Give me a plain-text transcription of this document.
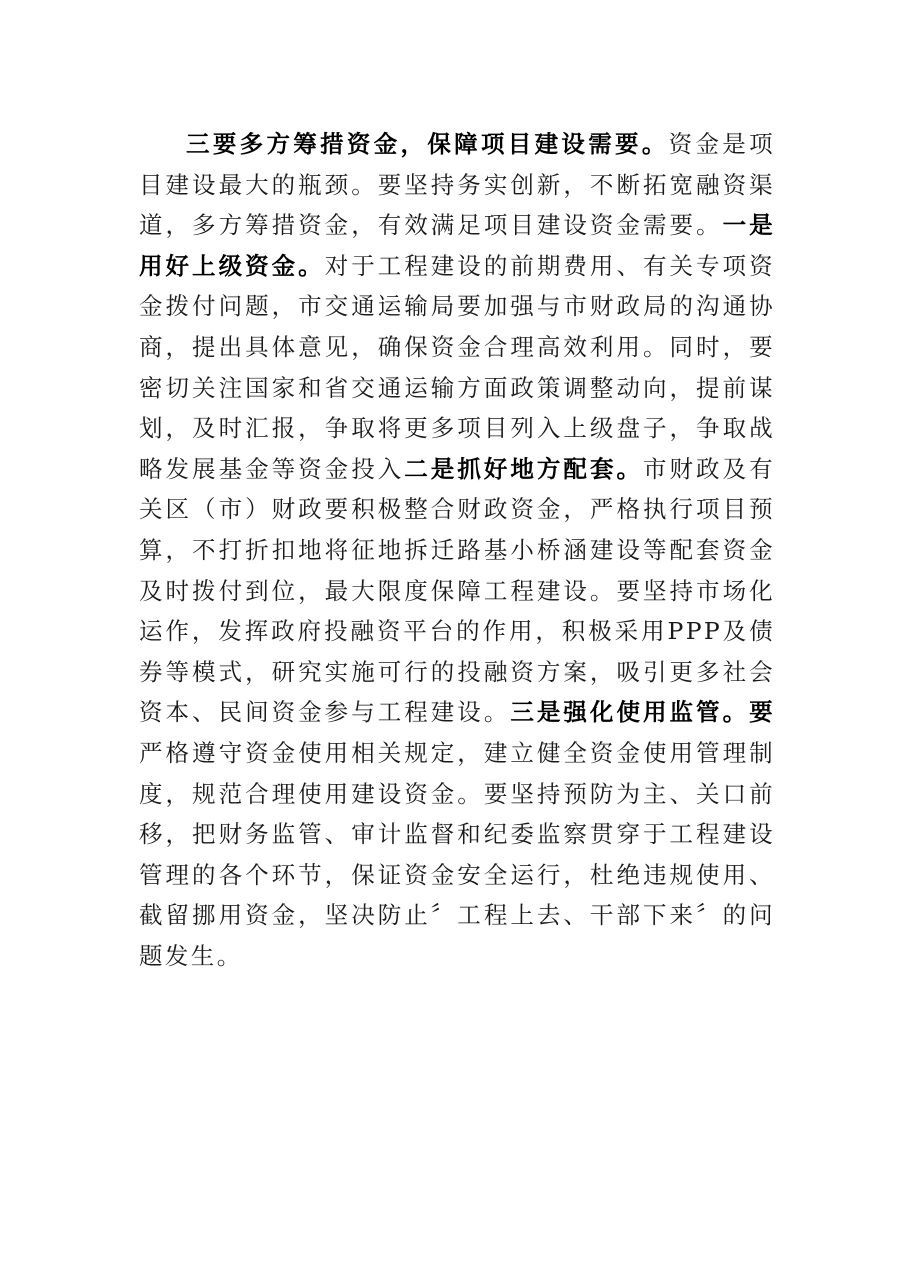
三要多方筹措资金，保障项目建设需要。资金是项目建设最大的瓶颈。要坚持务实创新，不断拓宽融资渠道，多方筹措资金，有效满足项目建设资金需要。一是用好上级资金。对于工程建设的前期费用、有关专项资金拨付问题，市交通运输局要加强与市财政局的沟通协商，提出具体意见，确保资金合理高效利用。同时，要密切关注国家和省交通运输方面政策调整动向，提前谋划，及时汇报，争取将更多项目列入上级盘子，争取战略发展基金等资金投入二是抓好地方配套。市财政及有关区（市）财政要积极整合财政资金，严格执行项目预算，不打折扣地将征地拆迁路基小桥涵建设等配套资金及时拨付到位，最大限度保障工程建设。要坚持市场化运作，发挥政府投融资平台的作用，积极采用PPP及债券等模式，研究实施可行的投融资方案，吸引更多社会资本、民间资金参与工程建设。三是强化使用监管。要严格遵守资金使用相关规定，建立健全资金使用管理制度，规范合理使用建设资金。要坚持预防为主、关口前移，把财务监管、审计监督和纪委监察贯穿于工程建设管理的各个环节，保证资金安全运行，杜绝违规使用、截留挪用资金，坚决防止〞工程上去、干部下来〞的问题发生。
